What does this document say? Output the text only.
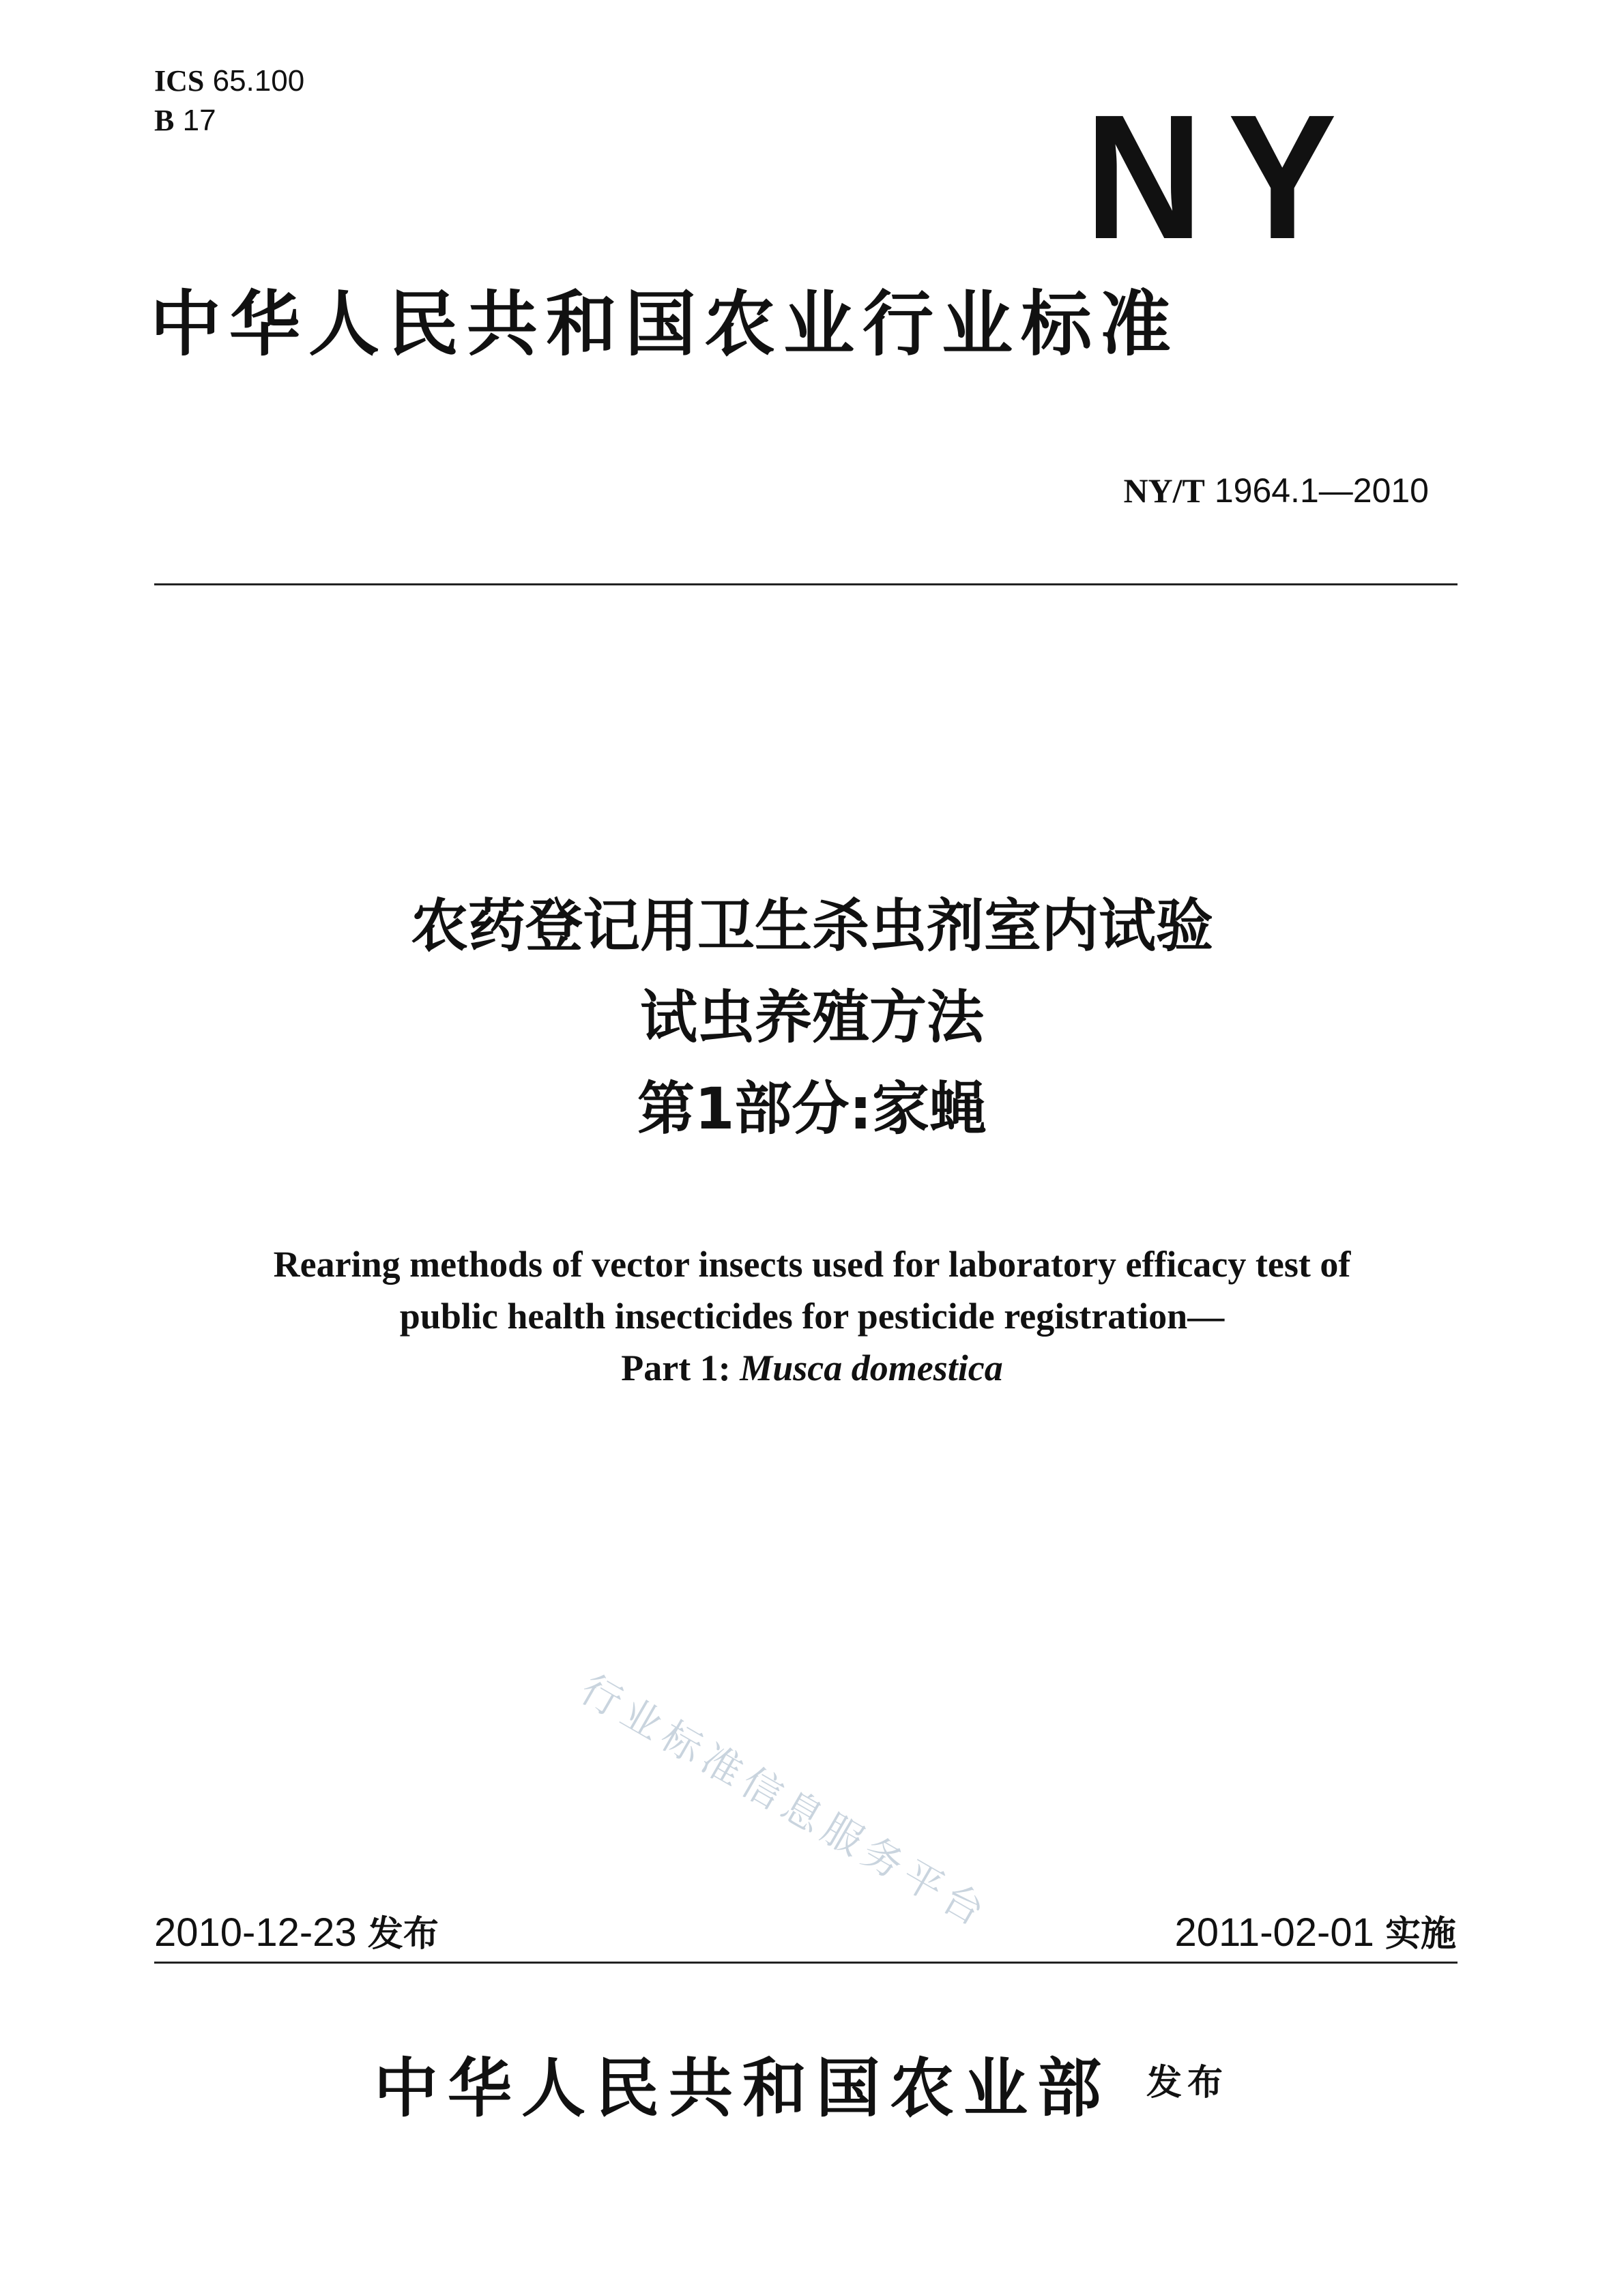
ICS 65.100
B 17	NY
中华人民共和国农业行业标准
NY/T 1964.1—2010
农药登记用卫生杀虫剂室内试验
试虫养殖方法
第1部分:家蝇
Rearing methods of vector insects used for laboratory efficacy test of
public health insecticides for pesticide registration—
Part 1: Musca domestica
行业标准信息服务平台
2010-12-23 发布	2011-02-01 实施
中华人民共和国农业部 发布
